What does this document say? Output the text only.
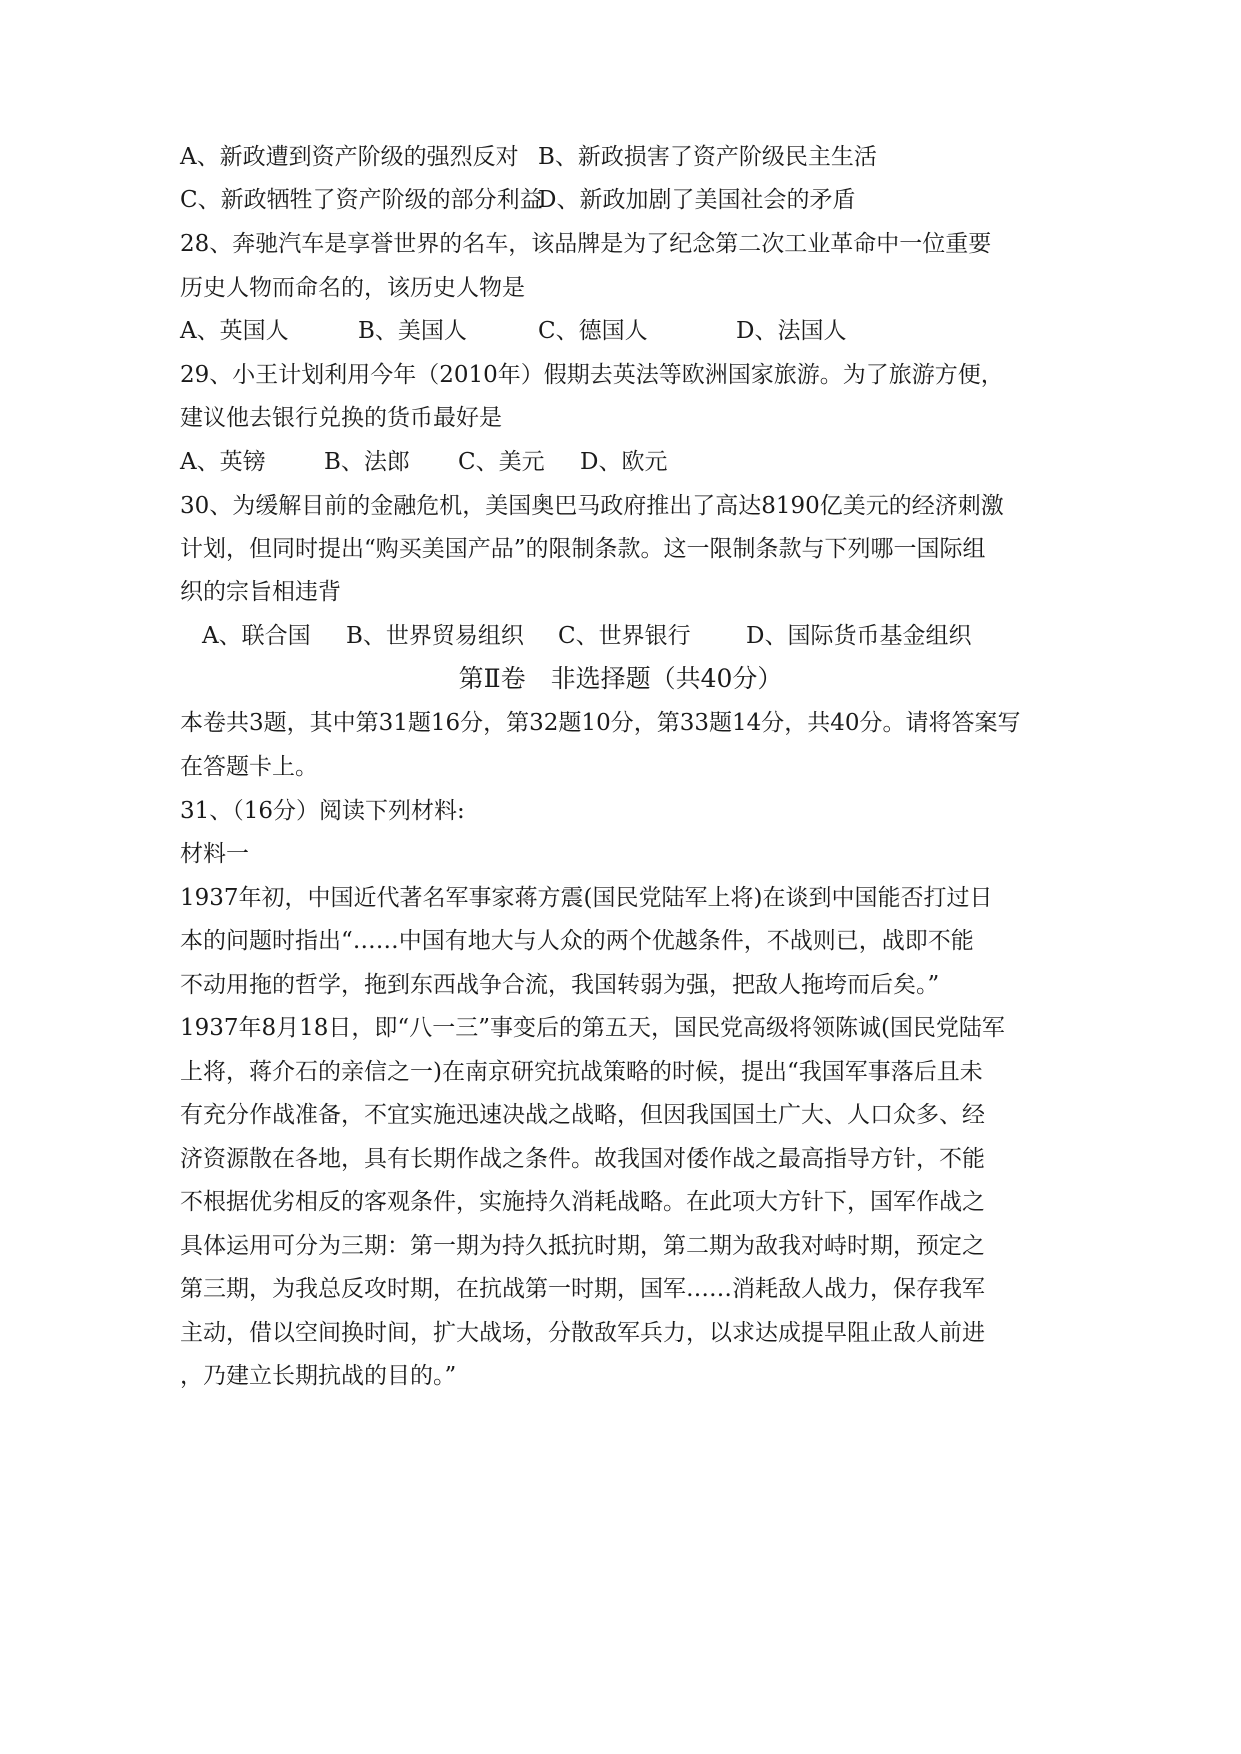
A、新政遭到资产阶级的强烈反对 B、新政损害了资产阶级民主生活
C、新政牺牲了资产阶级的部分利益
D、新政加剧了美国社会的矛盾
28、奔驰汽车是享誉世界的名车，该品牌是为了纪念第二次工业革命中一位重要
历史人物而命名的，该历史人物是
A、英国人	B、美国人	C、德国人	D、法国人
29、小王计划利用今年（2010年）假期去英法等欧洲国家旅游。为了旅游方便，
建议他去银行兑换的货币最好是
A、英镑	B、法郎 C、美元 D、欧元
30、为缓解目前的金融危机，美国奥巴马政府推出了高达8190亿美元的经济刺激
计划，但同时提出“购买美国产品”的限制条款。这一限制条款与下列哪一国际组
织的宗旨相违背
A、联合国 B、世界贸易组织 C、世界银行 D、国际货币基金组织
第Ⅱ卷　非选择题（共40分）
本卷共3题，其中第31题16分，第32题10分，第33题14分，共40分。请将答案写
在答题卡上。
31、（16分）阅读下列材料:
材料一
1937年初，中国近代著名军事家蒋方震(国民党陆军上将)在谈到中国能否打过日
本的问题时指出“……中国有地大与人众的两个优越条件，不战则已，战即不能
不动用拖的哲学，拖到东西战争合流，我国转弱为强，把敌人拖垮而后矣。”
1937年8月18日，即“八一三”事变后的第五天，国民党高级将领陈诚(国民党陆军
上将，蒋介石的亲信之一)在南京研究抗战策略的时候，提出“我国军事落后且未
有充分作战准备，不宜实施迅速决战之战略，但因我国国土广大、人口众多、经
济资源散在各地，具有长期作战之条件。故我国对倭作战之最高指导方针，不能
不根据优劣相反的客观条件，实施持久消耗战略。在此项大方针下，国军作战之
具体运用可分为三期：第一期为持久抵抗时期，第二期为敌我对峙时期，预定之
第三期，为我总反攻时期，在抗战第一时期，国军……消耗敌人战力，保存我军
主动，借以空间换时间，扩大战场，分散敌军兵力，以求达成提早阻止敌人前进
，乃建立长期抗战的目的。”
